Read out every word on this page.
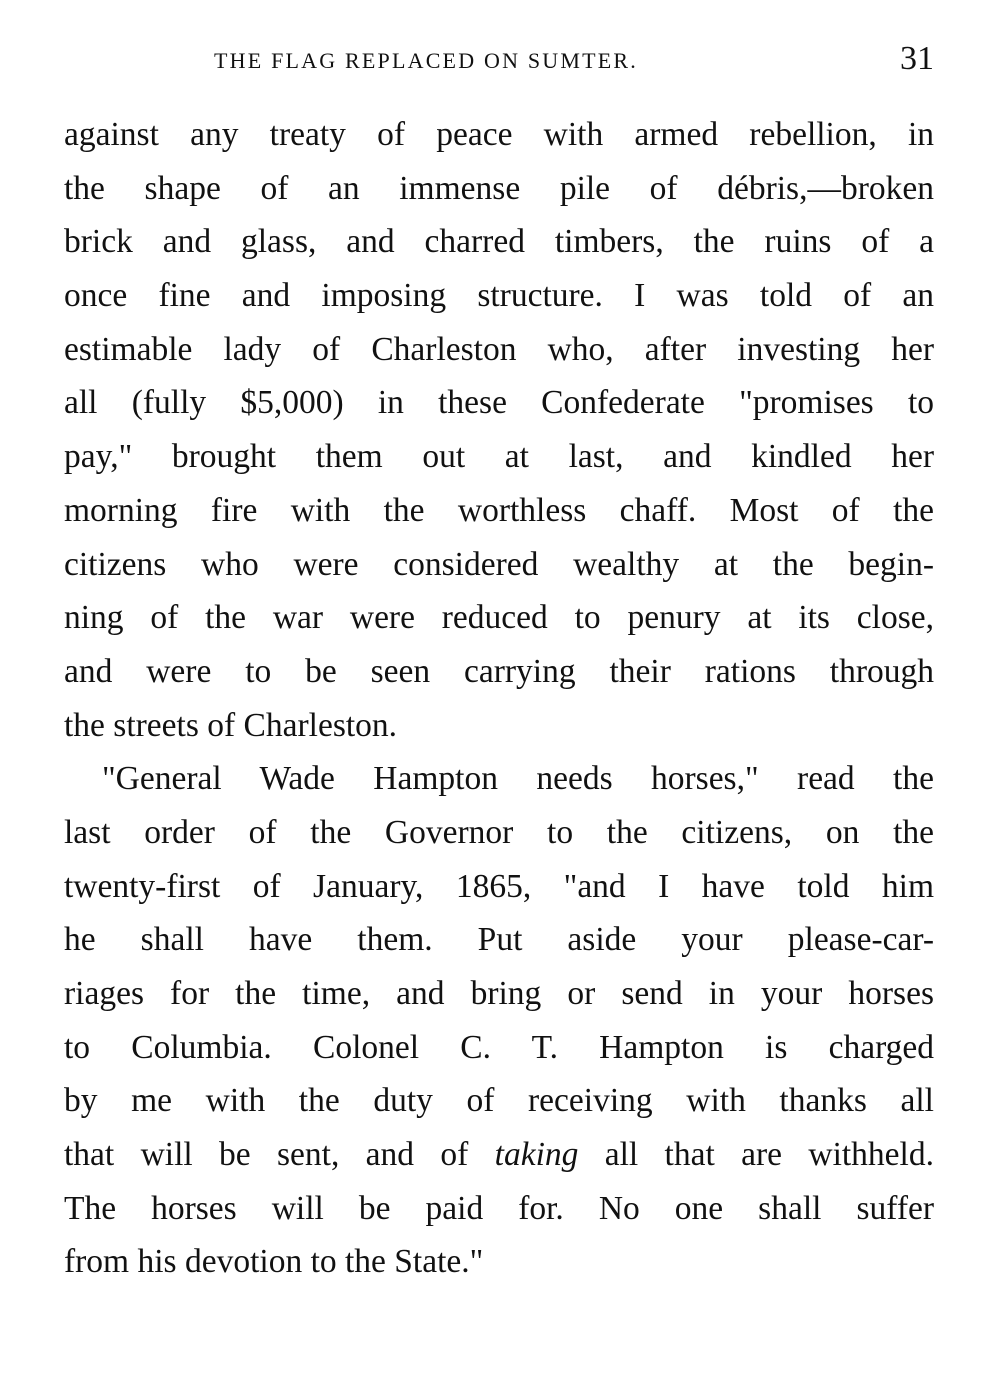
THE FLAG REPLACED ON SUMTER.	31
against any treaty of peace with armed rebellion, in
the shape of an immense pile of débris,—broken
brick and glass, and charred timbers, the ruins of a
once fine and imposing structure. I was told of an
estimable lady of Charleston who, after investing her
all (fully $5,000) in these Confederate "promises to
pay," brought them out at last, and kindled her
morning fire with the worthless chaff. Most of the
citizens who were considered wealthy at the begin-
ning of the war were reduced to penury at its close,
and were to be seen carrying their rations through
the streets of Charleston.
"General Wade Hampton needs horses," read the
last order of the Governor to the citizens, on the
twenty-first of January, 1865, "and I have told him
he shall have them. Put aside your please-car-
riages for the time, and bring or send in your horses
to Columbia. Colonel C. T. Hampton is charged
by me with the duty of receiving with thanks all
that will be sent, and of taking all that are withheld.
The horses will be paid for. No one shall suffer
from his devotion to the State."
